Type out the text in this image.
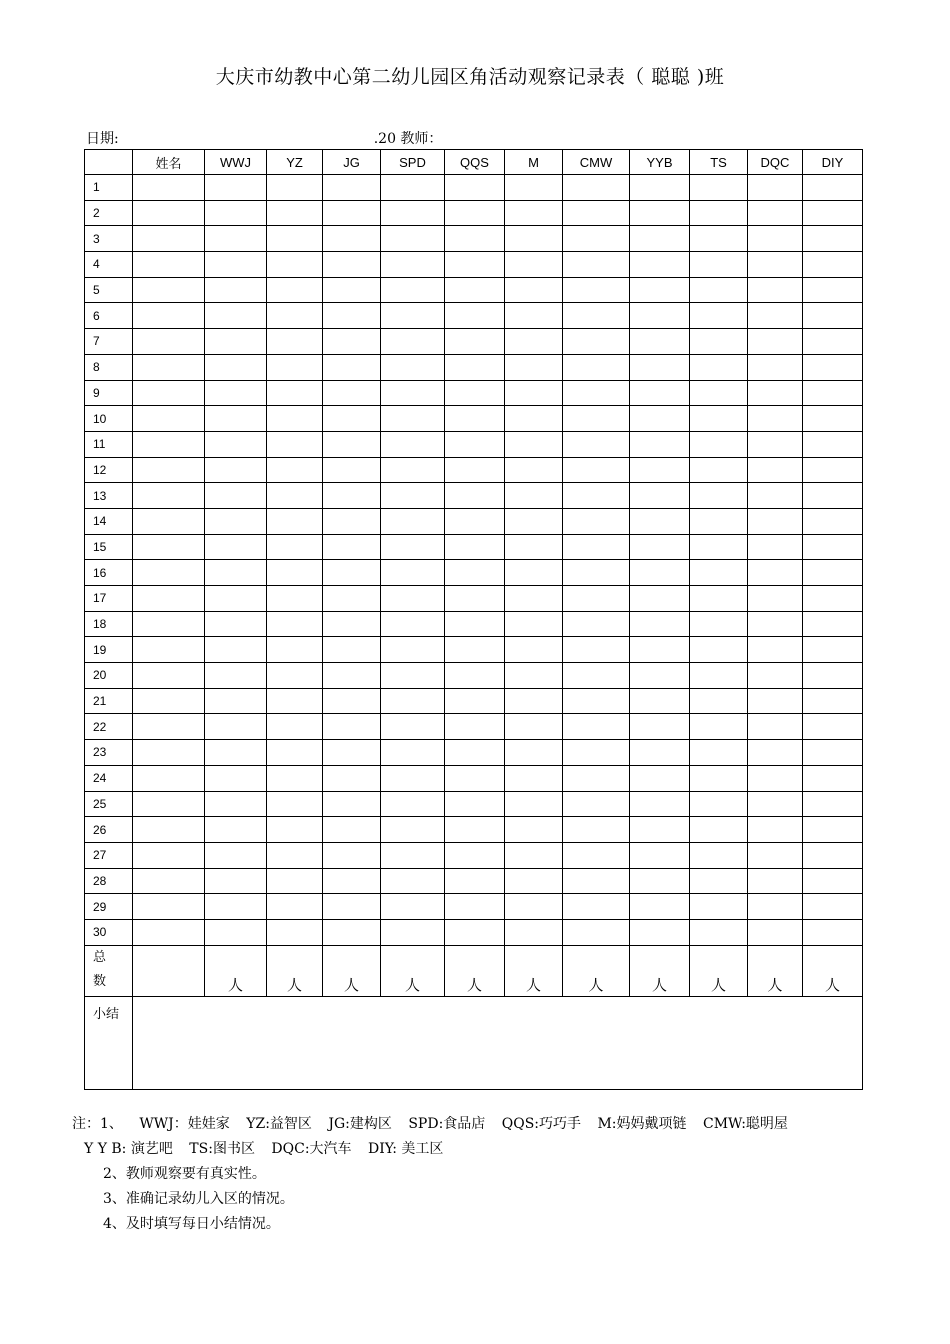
大庆市幼教中心第二幼儿园区角活动观察记录表（ 聪聪 )班
日期:	.20 教师：
	姓名	WWJ	YZ	JG	SPD	QQS	M	CMW	YYB	TS	DQC	DIY
1												
2												
3												
4												
5												
6												
7												
8												
9												
10												
11												
12												
13												
14												
15												
16												
17												
18												
19												
20												
21												
22												
23												
24												
25												
26												
27												
28												
29												
30												
总
数		人	人	人	人	人	人	人	人	人	人	人
小结												
注：1、 WWJ：娃娃家 YZ:益智区 JG:建构区 SPD:食品店 QQS:巧巧手 M:妈妈戴项链 CMW:聪明屋
Y Y B: 演艺吧 TS:图书区 DQC:大汽车 DIY: 美工区
2、教师观察要有真实性。
3、准确记录幼儿入区的情况。
4、及时填写每日小结情况。
